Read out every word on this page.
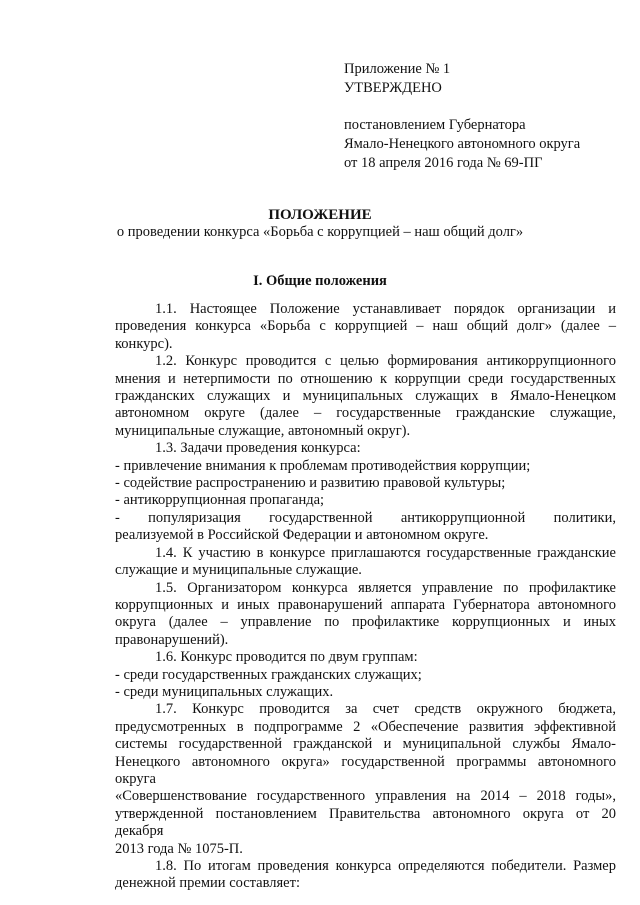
Приложение № 1
УТВЕРЖДЕНО
постановлением Губернатора
Ямало-Ненецкого автономного округа
от 18 апреля 2016 года № 69-ПГ
ПОЛОЖЕНИЕ
о проведении конкурса «Борьба с коррупцией – наш общий долг»
I. Общие положения
1.1. Настоящее Положение устанавливает порядок организации и
проведения конкурса «Борьба с коррупцией – наш общий долг» (далее – конкурс).
1.2. Конкурс проводится с целью формирования антикоррупционного
мнения и нетерпимости по отношению к коррупции среди государственных
гражданских служащих и муниципальных служащих в Ямало-Ненецком
автономном округе (далее – государственные гражданские служащие,
муниципальные служащие, автономный округ).
1.3. Задачи проведения конкурса:
- привлечение внимания к проблемам противодействия коррупции;
- содействие распространению и развитию правовой культуры;
- антикоррупционная пропаганда;
- популяризация государственной антикоррупционной политики,
реализуемой в Российской Федерации и автономном округе.
1.4. К участию в конкурсе приглашаются государственные гражданские
служащие и муниципальные служащие.
1.5. Организатором конкурса является управление по профилактике
коррупционных и иных правонарушений аппарата Губернатора автономного
округа (далее – управление по профилактике коррупционных и иных
правонарушений).
1.6. Конкурс проводится по двум группам:
- среди государственных гражданских служащих;
- среди муниципальных служащих.
1.7. Конкурс проводится за счет средств окружного бюджета,
предусмотренных в подпрограмме 2 «Обеспечение развития эффективной
системы государственной гражданской и муниципальной службы Ямало-
Ненецкого автономного округа» государственной программы автономного округа
«Совершенствование государственного управления на 2014 – 2018 годы»,
утвержденной постановлением Правительства автономного округа от 20 декабря
2013 года № 1075-П.
1.8. По итогам проведения конкурса определяются победители. Размер
денежной премии составляет:
